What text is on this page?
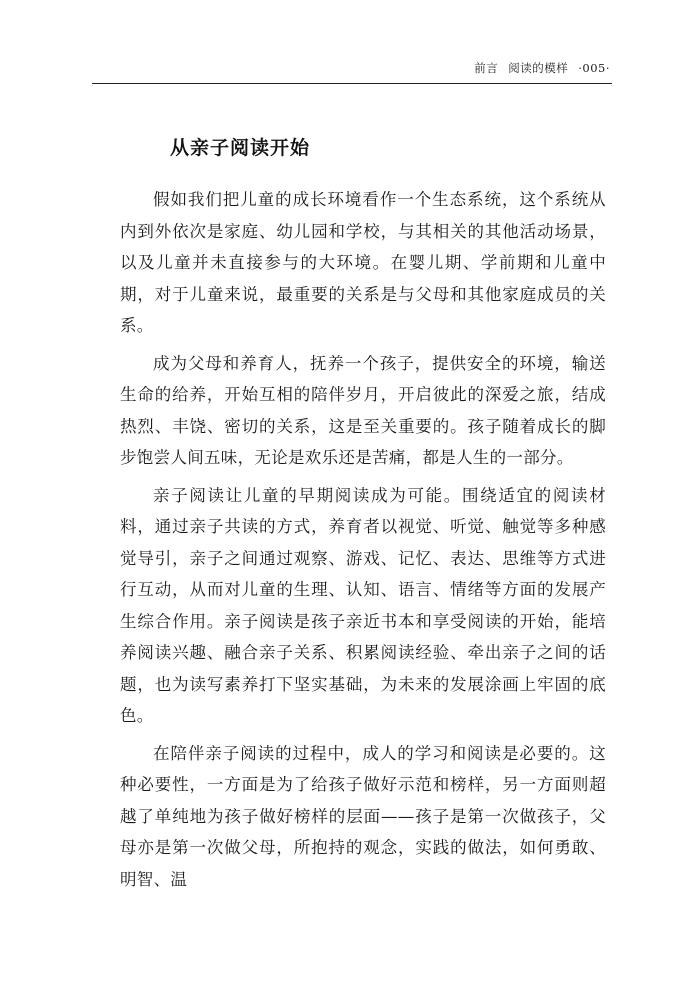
前言 阅读的模样 ·005·
从亲子阅读开始

假如我们把儿童的成长环境看作一个生态系统，这个系统从内到外依次是家庭、幼儿园和学校，与其相关的其他活动场景，以及儿童并未直接参与的大环境。在婴儿期、学前期和儿童中期，对于儿童来说，最重要的关系是与父母和其他家庭成员的关系。

成为父母和养育人，抚养一个孩子，提供安全的环境，输送生命的给养，开始互相的陪伴岁月，开启彼此的深爱之旅，结成热烈、丰饶、密切的关系，这是至关重要的。孩子随着成长的脚步饱尝人间五味，无论是欢乐还是苦痛，都是人生的一部分。

亲子阅读让儿童的早期阅读成为可能。围绕适宜的阅读材料，通过亲子共读的方式，养育者以视觉、听觉、触觉等多种感觉导引，亲子之间通过观察、游戏、记忆、表达、思维等方式进行互动，从而对儿童的生理、认知、语言、情绪等方面的发展产生综合作用。亲子阅读是孩子亲近书本和享受阅读的开始，能培养阅读兴趣、融合亲子关系、积累阅读经验、牵出亲子之间的话题，也为读写素养打下坚实基础，为未来的发展涂画上牢固的底色。

在陪伴亲子阅读的过程中，成人的学习和阅读是必要的。这种必要性，一方面是为了给孩子做好示范和榜样，另一方面则超越了单纯地为孩子做好榜样的层面——孩子是第一次做孩子，父母亦是第一次做父母，所抱持的观念，实践的做法，如何勇敢、明智、温
